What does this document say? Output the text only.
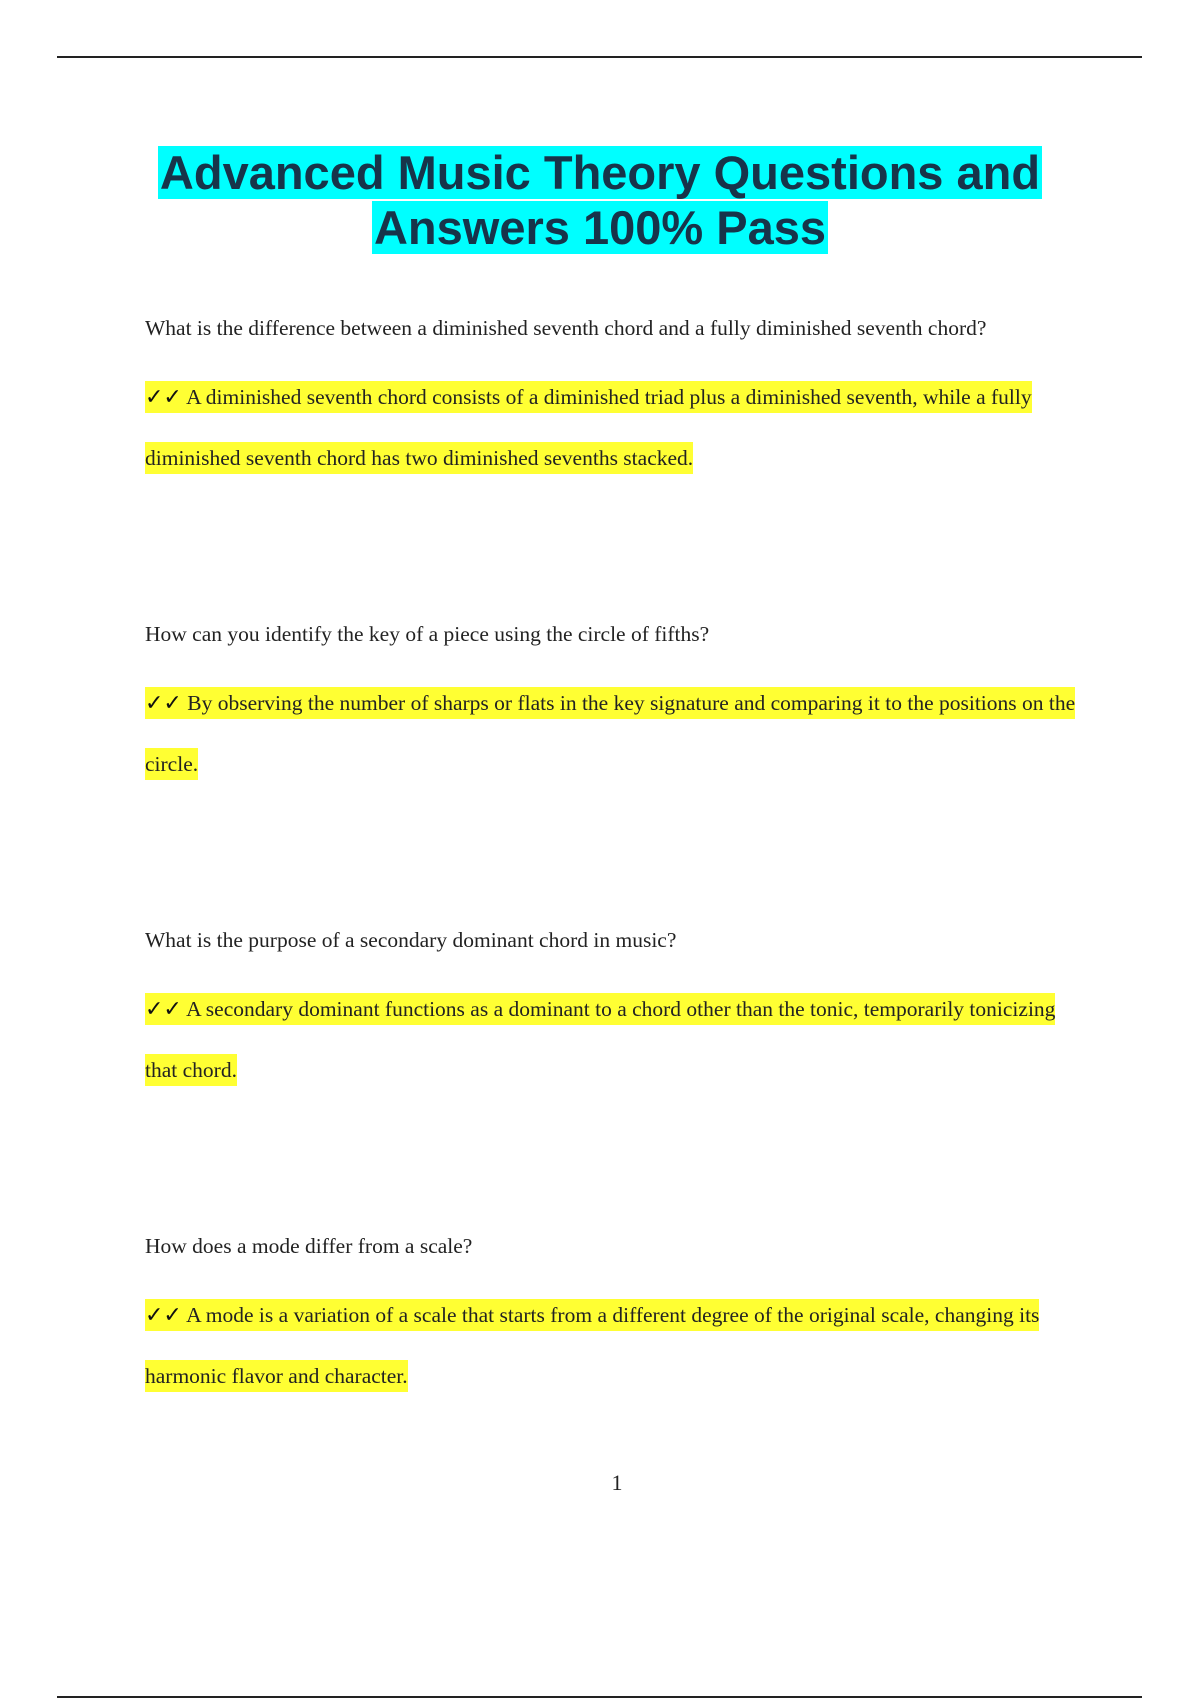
Advanced Music Theory Questions and
Answers 100% Pass

What is the difference between a diminished seventh chord and a fully diminished seventh chord?

✓✓ A diminished seventh chord consists of a diminished triad plus a diminished seventh, while a fully diminished seventh chord has two diminished sevenths stacked.

How can you identify the key of a piece using the circle of fifths?

✓✓ By observing the number of sharps or flats in the key signature and comparing it to the positions on the circle.

What is the purpose of a secondary dominant chord in music?

✓✓ A secondary dominant functions as a dominant to a chord other than the tonic, temporarily tonicizing that chord.

How does a mode differ from a scale?

✓✓ A mode is a variation of a scale that starts from a different degree of the original scale, changing its harmonic flavor and character.

1
